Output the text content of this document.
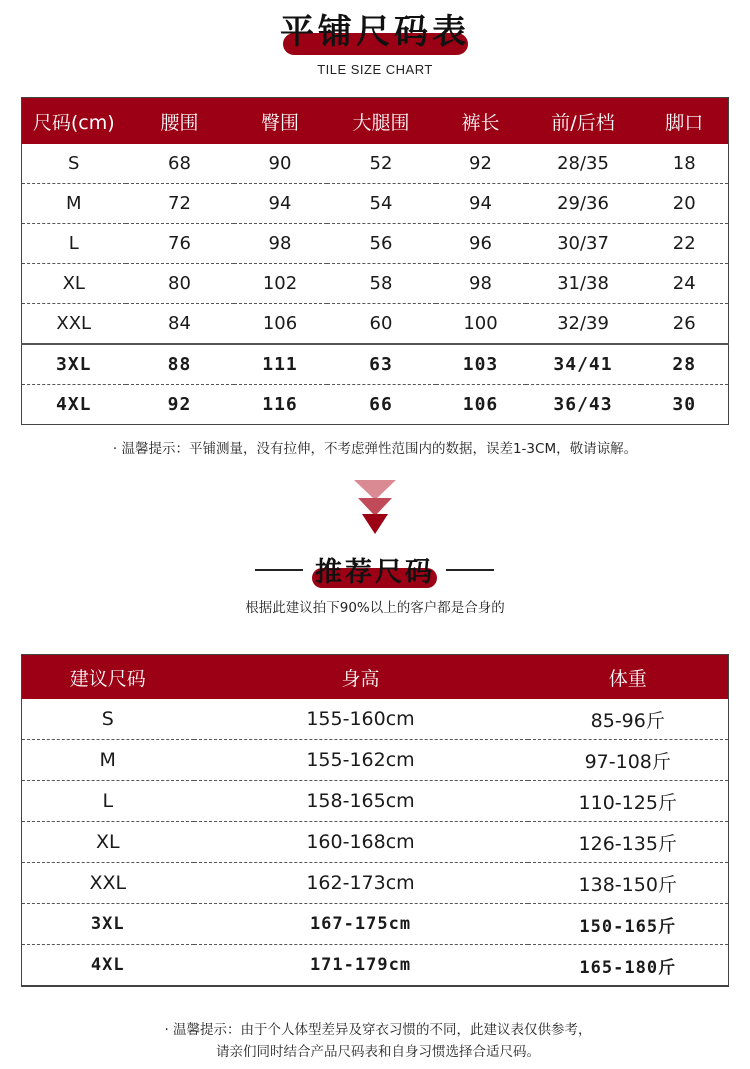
平铺尺码表
TILE SIZE CHART
尺码(cm)	腰围	臀围	大腿围	裤长	前/后档	脚口
S	68	90	52	92	28/35	18
M	72	94	54	94	29/36	20
L	76	98	56	96	30/37	22
XL	80	102	58	98	31/38	24
XXL	84	106	60	100	32/39	26
3XL	88	111	63	103	34/41	28
4XL	92	116	66	106	36/43	30
· 温馨提示：平铺测量，没有拉伸，不考虑弹性范围内的数据，误差1-3CM，敬请谅解。
推荐尺码
根据此建议拍下90%以上的客户都是合身的
建议尺码	身高	体重
S	155-160cm	85-96斤
M	155-162cm	97-108斤
L	158-165cm	110-125斤
XL	160-168cm	126-135斤
XXL	162-173cm	138-150斤
3XL	167-175cm	150-165斤
4XL	171-179cm	165-180斤
· 温馨提示：由于个人体型差异及穿衣习惯的不同，此建议表仅供参考，
请亲们同时结合产品尺码表和自身习惯选择合适尺码。
